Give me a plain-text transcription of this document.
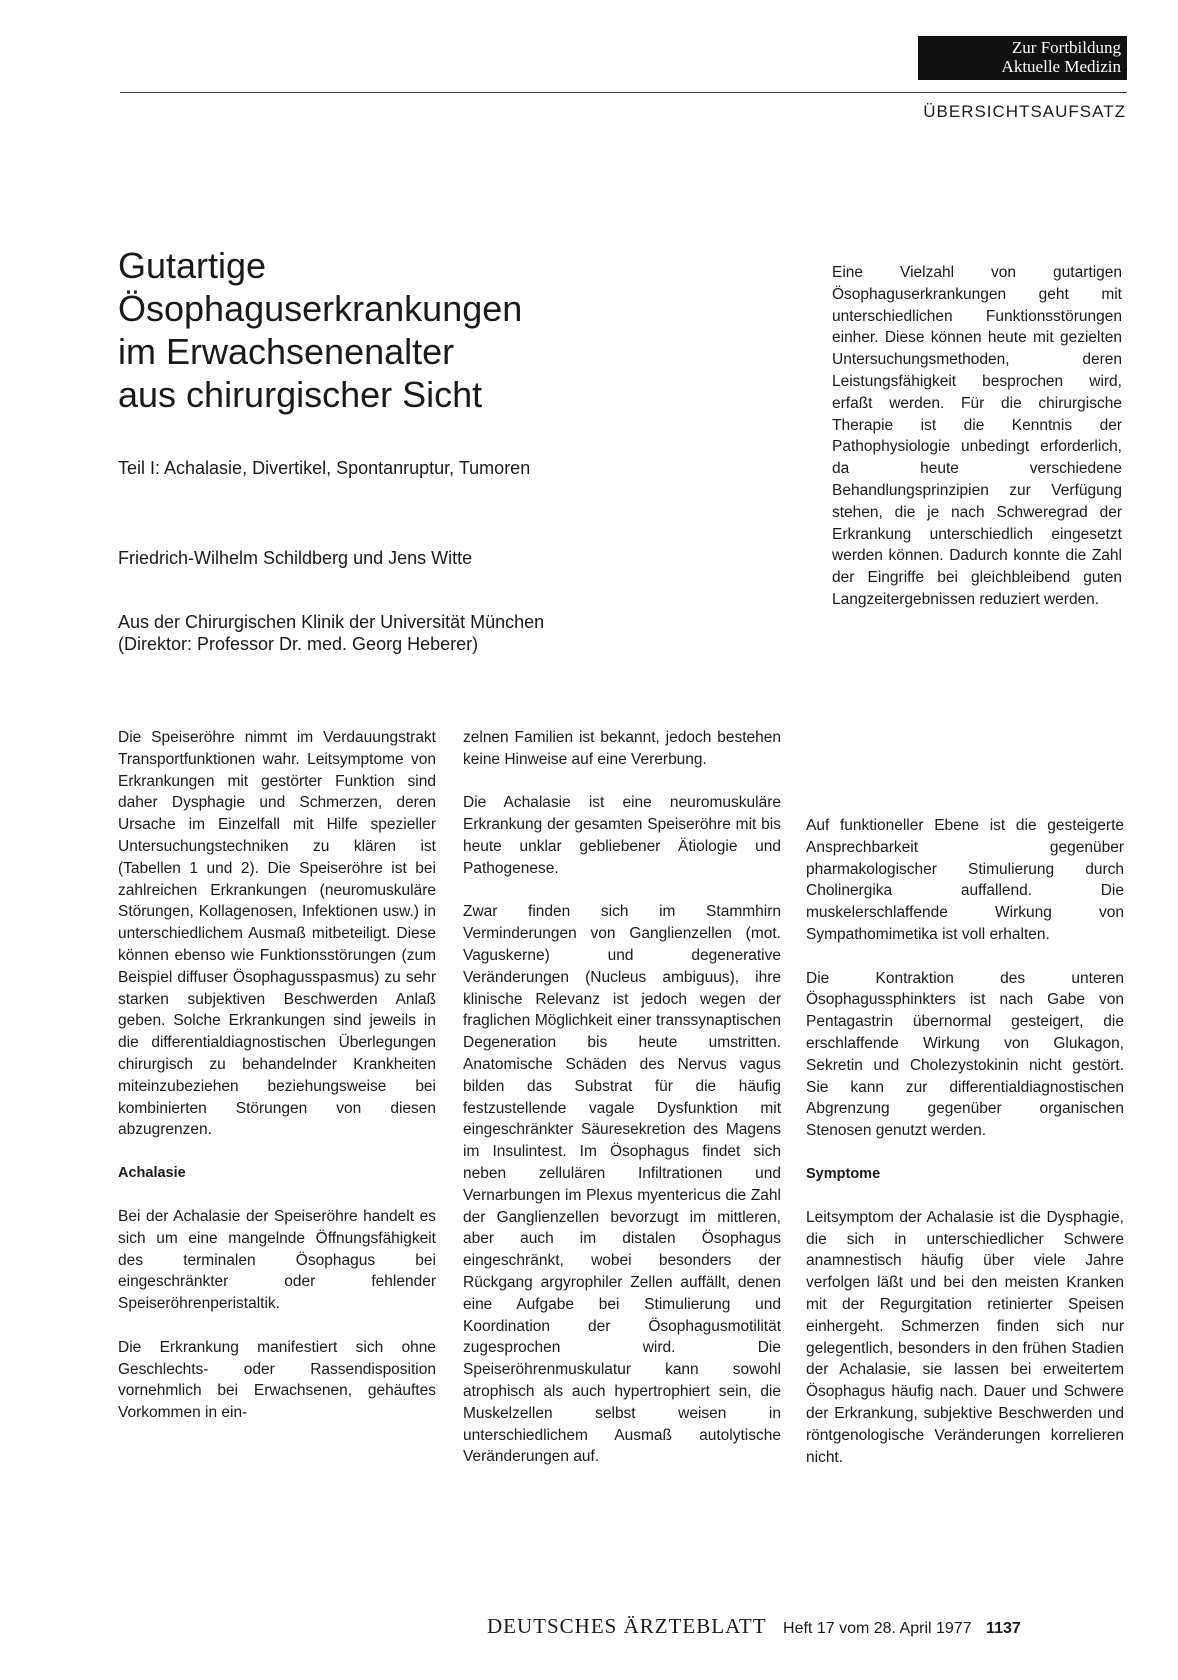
Zur Fortbildung
Aktuelle Medizin
ÜBERSICHTSAUFSATZ
Gutartige
Ösophaguserkrankungen
im Erwachsenenalter
aus chirurgischer Sicht
Teil I: Achalasie, Divertikel, Spontanruptur, Tumoren
Friedrich-Wilhelm Schildberg und Jens Witte
Aus der Chirurgischen Klinik der Universität München
(Direktor: Professor Dr. med. Georg Heberer)

Eine Vielzahl von gutartigen Ösophaguserkrankungen geht mit unterschiedlichen Funktionsstörungen einher. Diese können heute mit gezielten Untersuchungsmethoden, deren Leistungsfähigkeit besprochen wird, erfaßt werden. Für die chirurgische Therapie ist die Kenntnis der Pathophysiologie unbedingt erforderlich, da heute verschiedene Behandlungsprinzipien zur Verfügung stehen, die je nach Schweregrad der Erkrankung unterschiedlich eingesetzt werden können. Dadurch konnte die Zahl der Eingriffe bei gleichbleibend guten Langzeitergebnissen reduziert werden.

Die Speiseröhre nimmt im Verdauungstrakt Transportfunktionen wahr. Leitsymptome von Erkrankungen mit gestörter Funktion sind daher Dysphagie und Schmerzen, deren Ursache im Einzelfall mit Hilfe spezieller Untersuchungstechniken zu klären ist (Tabellen 1 und 2). Die Speiseröhre ist bei zahlreichen Erkrankungen (neuromuskuläre Störungen, Kollagenosen, Infektionen usw.) in unterschiedlichem Ausmaß mitbeteiligt. Diese können ebenso wie Funktionsstörungen (zum Beispiel diffuser Ösophagusspasmus) zu sehr starken subjektiven Beschwerden Anlaß geben. Solche Erkrankungen sind jeweils in die differentialdiagnostischen Überlegungen chirurgisch zu behandelnder Krankheiten miteinzubeziehen beziehungsweise bei kombinierten Störungen von diesen abzugrenzen.

Achalasie

Bei der Achalasie der Speiseröhre handelt es sich um eine mangelnde Öffnungsfähigkeit des terminalen Ösophagus bei eingeschränkter oder fehlender Speiseröhrenperistaltik.

Die Erkrankung manifestiert sich ohne Geschlechts- oder Rassendisposition vornehmlich bei Erwachsenen, gehäuftes Vorkommen in ein-

zelnen Familien ist bekannt, jedoch bestehen keine Hinweise auf eine Vererbung.

Die Achalasie ist eine neuromuskuläre Erkrankung der gesamten Speiseröhre mit bis heute unklar gebliebener Ätiologie und Pathogenese.

Zwar finden sich im Stammhirn Verminderungen von Ganglienzellen (mot. Vaguskerne) und degenerative Veränderungen (Nucleus ambiguus), ihre klinische Relevanz ist jedoch wegen der fraglichen Möglichkeit einer transsynaptischen Degeneration bis heute umstritten. Anatomische Schäden des Nervus vagus bilden das Substrat für die häufig festzustellende vagale Dysfunktion mit eingeschränkter Säuresekretion des Magens im Insulintest. Im Ösophagus findet sich neben zellulären Infiltrationen und Vernarbungen im Plexus myentericus die Zahl der Ganglienzellen bevorzugt im mittleren, aber auch im distalen Ösophagus eingeschränkt, wobei besonders der Rückgang argyrophiler Zellen auffällt, denen eine Aufgabe bei Stimulierung und Koordination der Ösophagusmotilität zugesprochen wird. Die Speiseröhrenmuskulatur kann sowohl atrophisch als auch hypertrophiert sein, die Muskelzellen selbst weisen in unterschiedlichem Ausmaß autolytische Veränderungen auf.

Auf funktioneller Ebene ist die gesteigerte Ansprechbarkeit gegenüber pharmakologischer Stimulierung durch Cholinergika auffallend. Die muskelerschlaffende Wirkung von Sympathomimetika ist voll erhalten.

Die Kontraktion des unteren Ösophagussphinkters ist nach Gabe von Pentagastrin übernormal gesteigert, die erschlaffende Wirkung von Glukagon, Sekretin und Cholezystokinin nicht gestört. Sie kann zur differentialdiagnostischen Abgrenzung gegenüber organischen Stenosen genutzt werden.

Symptome

Leitsymptom der Achalasie ist die Dysphagie, die sich in unterschiedlicher Schwere anamnestisch häufig über viele Jahre verfolgen läßt und bei den meisten Kranken mit der Regurgitation retinierter Speisen einhergeht. Schmerzen finden sich nur gelegentlich, besonders in den frühen Stadien der Achalasie, sie lassen bei erweitertem Ösophagus häufig nach. Dauer und Schwere der Erkrankung, subjektive Beschwerden und röntgenologische Veränderungen korrelieren nicht.

DEUTSCHES ÄRZTEBLATT Heft 17 vom 28. April 1977 1137
